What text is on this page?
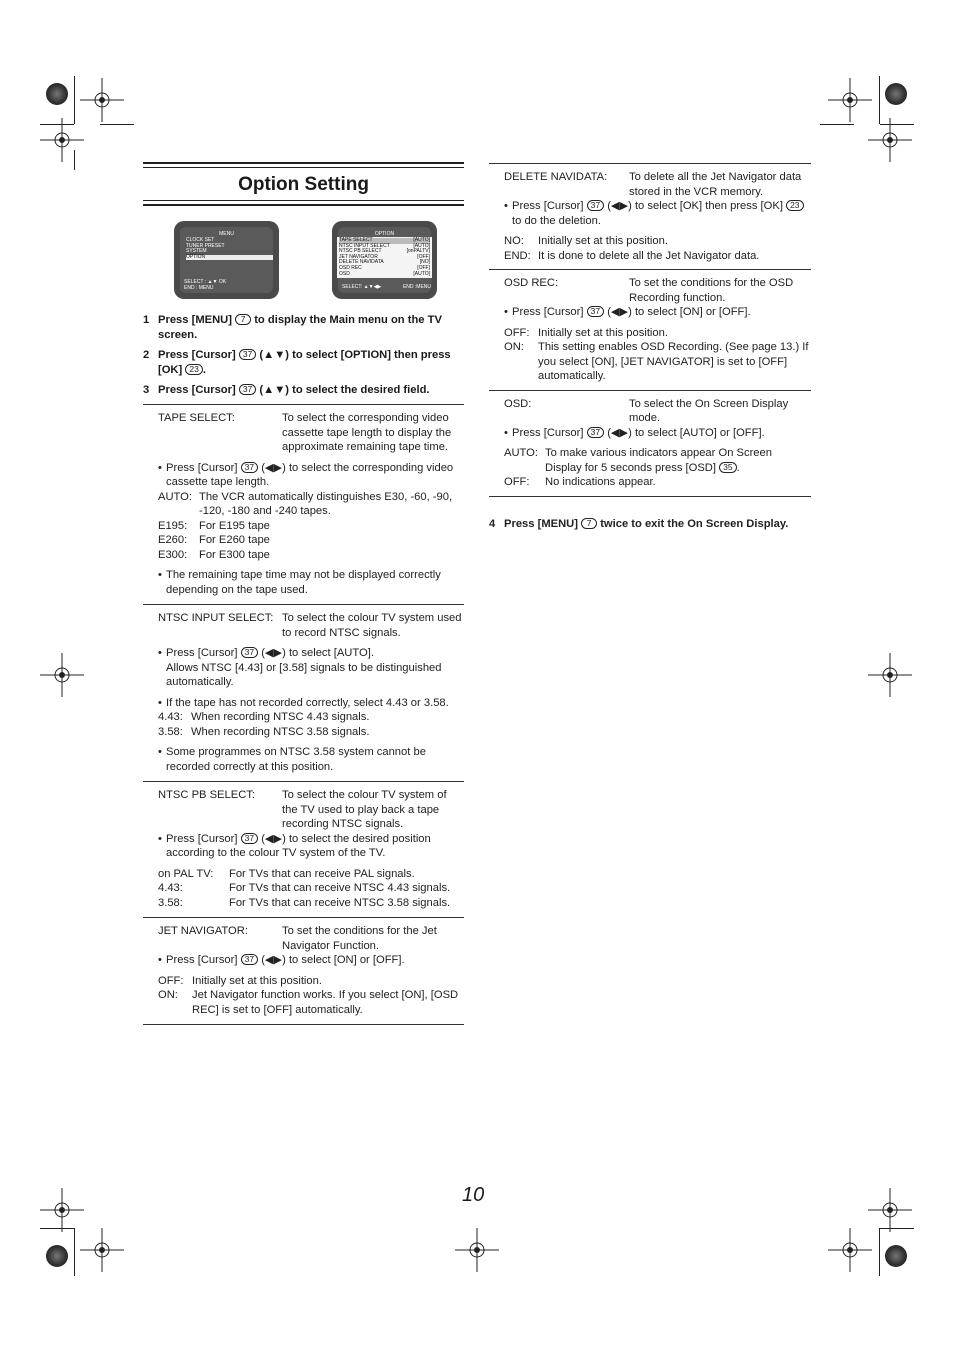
Option Setting
MENU
CLOCK SET
TUNER PRESET
SYSTEM
OPTION
SELECT : ▲▼ OK
END : MENU
OPTION
TAPE SELECT	[AUTO]
NTSC INPUT SELECT	[AUTO]
NTSC PB SELECT	[onPALTV]
JET NAVIGATOR	[OFF]
DELETE NAVIDATA	[NO]
OSD REC	[OFF]
OSD	[AUTO]
SELECT: ▲▼◀▶	END :MENU
1 Press [MENU] 7 to display the Main menu on the TV screen.
2 Press [Cursor] 37 (▲▼) to select [OPTION] then press [OK] 23 .
3 Press [Cursor] 37 (▲▼) to select the desired field.
TAPE SELECT:	To select the corresponding video cassette tape length to display the approximate remaining tape time.
• Press [Cursor] 37 (◀▶) to select the corresponding video cassette tape length.
AUTO: The VCR automatically distinguishes E30, -60, -90, -120, -180 and -240 tapes.
E195: For E195 tape
E260: For E260 tape
E300: For E300 tape
• The remaining tape time may not be displayed correctly depending on the tape used.
NTSC INPUT SELECT: To select the colour TV system used to record NTSC signals.
• Press [Cursor] 37 (◀▶) to select [AUTO].
Allows NTSC [4.43] or [3.58] signals to be distinguished automatically.
• If the tape has not recorded correctly, select 4.43 or 3.58.
4.43: When recording NTSC 4.43 signals.
3.58: When recording NTSC 3.58 signals.
• Some programmes on NTSC 3.58 system cannot be recorded correctly at this position.
NTSC PB SELECT: To select the colour TV system of the TV used to play back a tape recording NTSC signals.
• Press [Cursor] 37 (◀▶) to select the desired position according to the colour TV system of the TV.
on PAL TV: For TVs that can receive PAL signals.
4.43:	For TVs that can receive NTSC 4.43 signals.
3.58:	For TVs that can receive NTSC 3.58 signals.
JET NAVIGATOR:	To set the conditions for the Jet Navigator Function.
• Press [Cursor] 37 (◀▶) to select [ON] or [OFF].
OFF: Initially set at this position.
ON: Jet Navigator function works. If you select [ON], [OSD REC] is set to [OFF] automatically.
DELETE NAVIDATA: To delete all the Jet Navigator data stored in the VCR memory.
• Press [Cursor] 37 (◀▶) to select [OK] then press [OK] 23 to do the deletion.
NO: Initially set at this position.
END: It is done to delete all the Jet Navigator data.
OSD REC:	To set the conditions for the OSD Recording function.
• Press [Cursor] 37 (◀▶) to select [ON] or [OFF].
OFF: Initially set at this position.
ON: This setting enables OSD Recording. (See page 13.) If you select [ON], [JET NAVIGATOR] is set to [OFF] automatically.
OSD:	To select the On Screen Display mode.
• Press [Cursor] 37 (◀▶) to select [AUTO] or [OFF].
AUTO: To make various indicators appear On Screen Display for 5 seconds press [OSD] 35 .
OFF: No indications appear.
4 Press [MENU] 7 twice to exit the On Screen Display.
10
